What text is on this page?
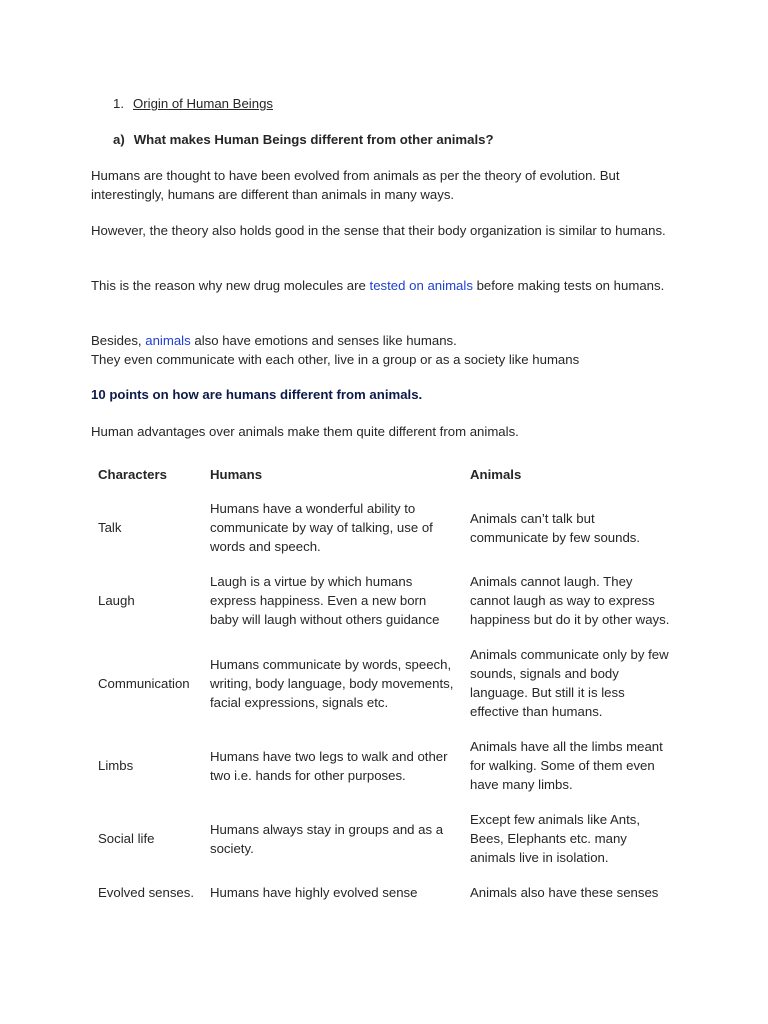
1. Origin of Human Beings
a) What makes Human Beings different from other animals?

Humans are thought to have been evolved from animals as per the theory of evolution. But interestingly, humans are different than animals in many ways.

However, the theory also holds good in the sense that their body organization is similar to humans.

This is the reason why new drug molecules are tested on animals before making tests on humans.

Besides, animals also have emotions and senses like humans.

They even communicate with each other, live in a group or as a society like humans

10 points on how are humans different from animals.
Human advantages over animals make them quite different from animals.
Characters	Humans	Animals
Talk	Humans have a wonderful ability to communicate by way of talking, use of words and speech.	Animals can’t talk but communicate by few sounds.
Laugh	Laugh is a virtue by which humans express happiness. Even a new born baby will laugh without others guidance	Animals cannot laugh. They cannot laugh as way to express happiness but do it by other ways.
Communication	Humans communicate by words, speech, writing, body language, body movements, facial expressions, signals etc.	Animals communicate only by few sounds, signals and body language. But still it is less effective than humans.
Limbs	Humans have two legs to walk and other two i.e. hands for other purposes.	Animals have all the limbs meant for walking. Some of them even have many limbs.
Social life	Humans always stay in groups and as a society.	Except few animals like Ants, Bees, Elephants etc. many animals live in isolation.
Evolved senses.	Humans have highly evolved sense	Animals also have these senses
